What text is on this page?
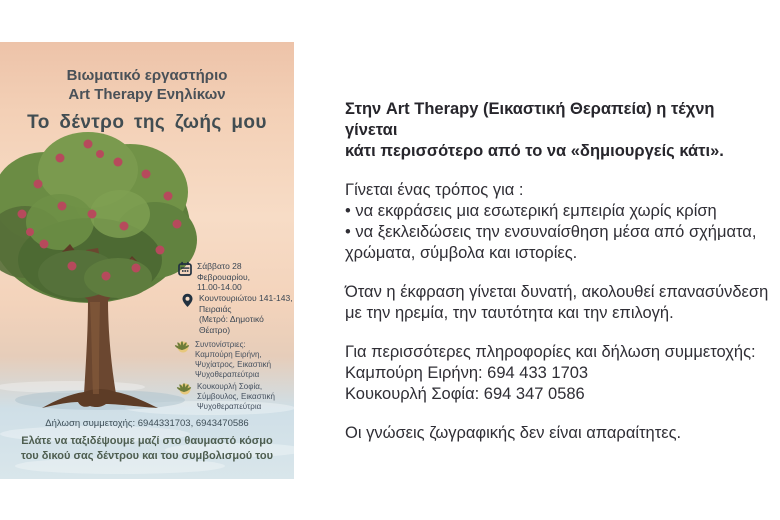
Βιωματικό εργαστήριο
Art Therapy Ενηλίκων
Το δέντρο της ζωής μου
Σάββατο 28 Φεβρουαρίου,
11.00-14.00
Κουντουριώτου 141-143,
Πειραιάς
(Μετρό: Δημοτικό Θέατρο)
Συντονίστριες:
Καμπούρη Ειρήνη,
Ψυχίατρος, Εικαστική
Ψυχοθεραπεύτρια
Κουκουρλή Σοφία,
Σύμβουλος, Εικαστική
Ψυχοθεραπεύτρια
Δήλωση συμμετοχής: 6944331703, 6943470586
Ελάτε να ταξιδέψουμε μαζί στο θαυμαστό κόσμο
του δικού σας δέντρου και του συμβολισμού του

Στην Art Therapy (Εικαστική Θεραπεία) η τέχνη γίνεται
κάτι περισσότερο από το να «δημιουργείς κάτι».

Γίνεται ένας τρόπος για :
• να εκφράσεις μια εσωτερική εμπειρία χωρίς κρίση
• να ξεκλειδώσεις την ενσυναίσθηση μέσα από σχήματα,
χρώματα, σύμβολα και ιστορίες.

Όταν η έκφραση γίνεται δυνατή, ακολουθεί επανασύνδεση
με την ηρεμία, την ταυτότητα και την επιλογή.

Για περισσότερες πληροφορίες και δήλωση συμμετοχής:
Καμπούρη Ειρήνη: 694 433 1703
Κουκουρλή Σοφία: 694 347 0586

Οι γνώσεις ζωγραφικής δεν είναι απαραίτητες.
